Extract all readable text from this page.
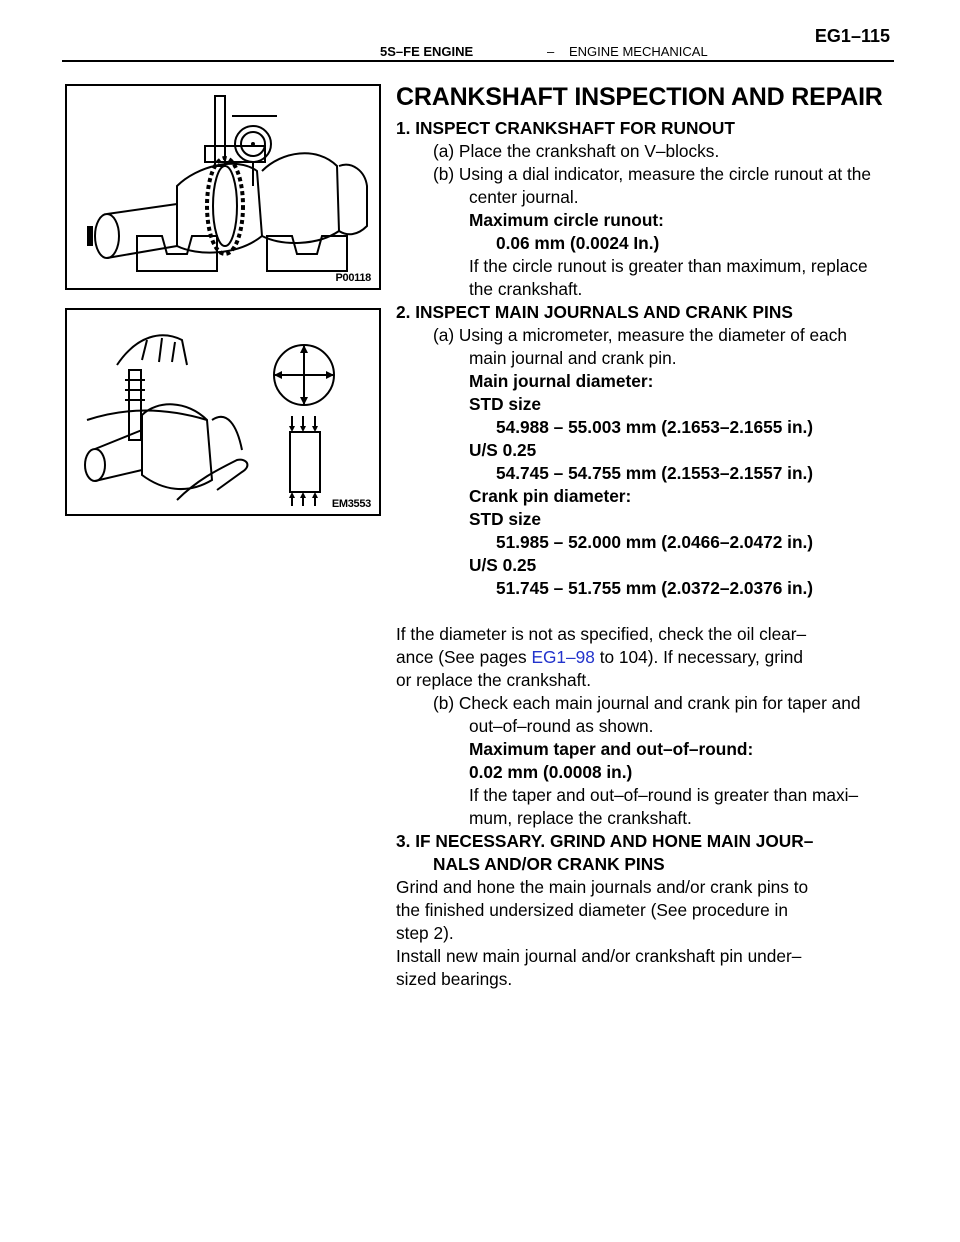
5S–FE ENGINE	– ENGINE MECHANICAL
EG1–115
P00118
EM3553
CRANKSHAFT INSPECTION AND REPAIR
1. INSPECT CRANKSHAFT FOR RUNOUT
(a) Place the crankshaft on V–blocks.
(b) Using a dial indicator, measure the circle runout at the
center journal.
Maximum circle runout:
0.06 mm (0.0024 In.)
If the circle runout is greater than maximum, replace
the crankshaft.
2. INSPECT MAIN JOURNALS AND CRANK PINS
(a) Using a micrometer, measure the diameter of each
main journal and crank pin.
Main journal diameter:
STD size
54.988 – 55.003 mm (2.1653–2.1655 in.)
U/S 0.25
54.745 – 54.755 mm (2.1553–2.1557 in.)
Crank pin diameter:
STD size
51.985 – 52.000 mm (2.0466–2.0472 in.)
U/S 0.25
51.745 – 51.755 mm (2.0372–2.0376 in.)
If the diameter is not as specified, check the oil clear–
ance (See pages EG1–98 to 104). If necessary, grind
or replace the crankshaft.
(b) Check each main journal and crank pin for taper and
out–of–round as shown.
Maximum taper and out–of–round:
0.02 mm (0.0008 in.)
If the taper and out–of–round is greater than maxi–
mum, replace the crankshaft.
3. IF NECESSARY. GRIND AND HONE MAIN JOUR–
NALS AND/OR CRANK PINS
Grind and hone the main journals and/or crank pins to
the finished undersized diameter (See procedure in
step 2).
Install new main journal and/or crankshaft pin under–
sized bearings.
